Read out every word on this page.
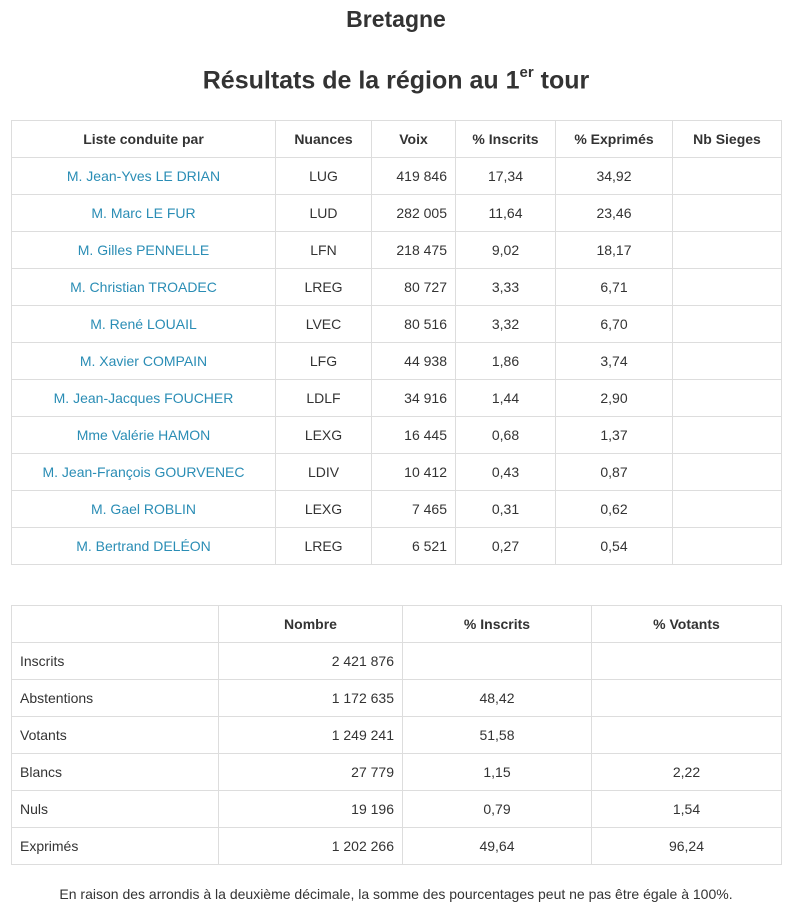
Bretagne
Résultats de la région au 1er tour
Liste conduite par	Nuances	Voix	% Inscrits	% Exprimés	Nb Sieges
M. Jean-Yves LE DRIAN	LUG	419 846	17,34	34,92	
M. Marc LE FUR	LUD	282 005	11,64	23,46	
M. Gilles PENNELLE	LFN	218 475	9,02	18,17	
M. Christian TROADEC	LREG	80 727	3,33	6,71	
M. René LOUAIL	LVEC	80 516	3,32	6,70	
M. Xavier COMPAIN	LFG	44 938	1,86	3,74	
M. Jean-Jacques FOUCHER	LDLF	34 916	1,44	2,90	
Mme Valérie HAMON	LEXG	16 445	0,68	1,37	
M. Jean-François GOURVENEC	LDIV	10 412	0,43	0,87	
M. Gael ROBLIN	LEXG	7 465	0,31	0,62	
M. Bertrand DELÉON	LREG	6 521	0,27	0,54	
	Nombre	% Inscrits	% Votants
Inscrits	2 421 876		
Abstentions	1 172 635	48,42	
Votants	1 249 241	51,58	
Blancs	27 779	1,15	2,22
Nuls	19 196	0,79	1,54
Exprimés	1 202 266	49,64	96,24
En raison des arrondis à la deuxième décimale, la somme des pourcentages peut ne pas être égale à 100%.
